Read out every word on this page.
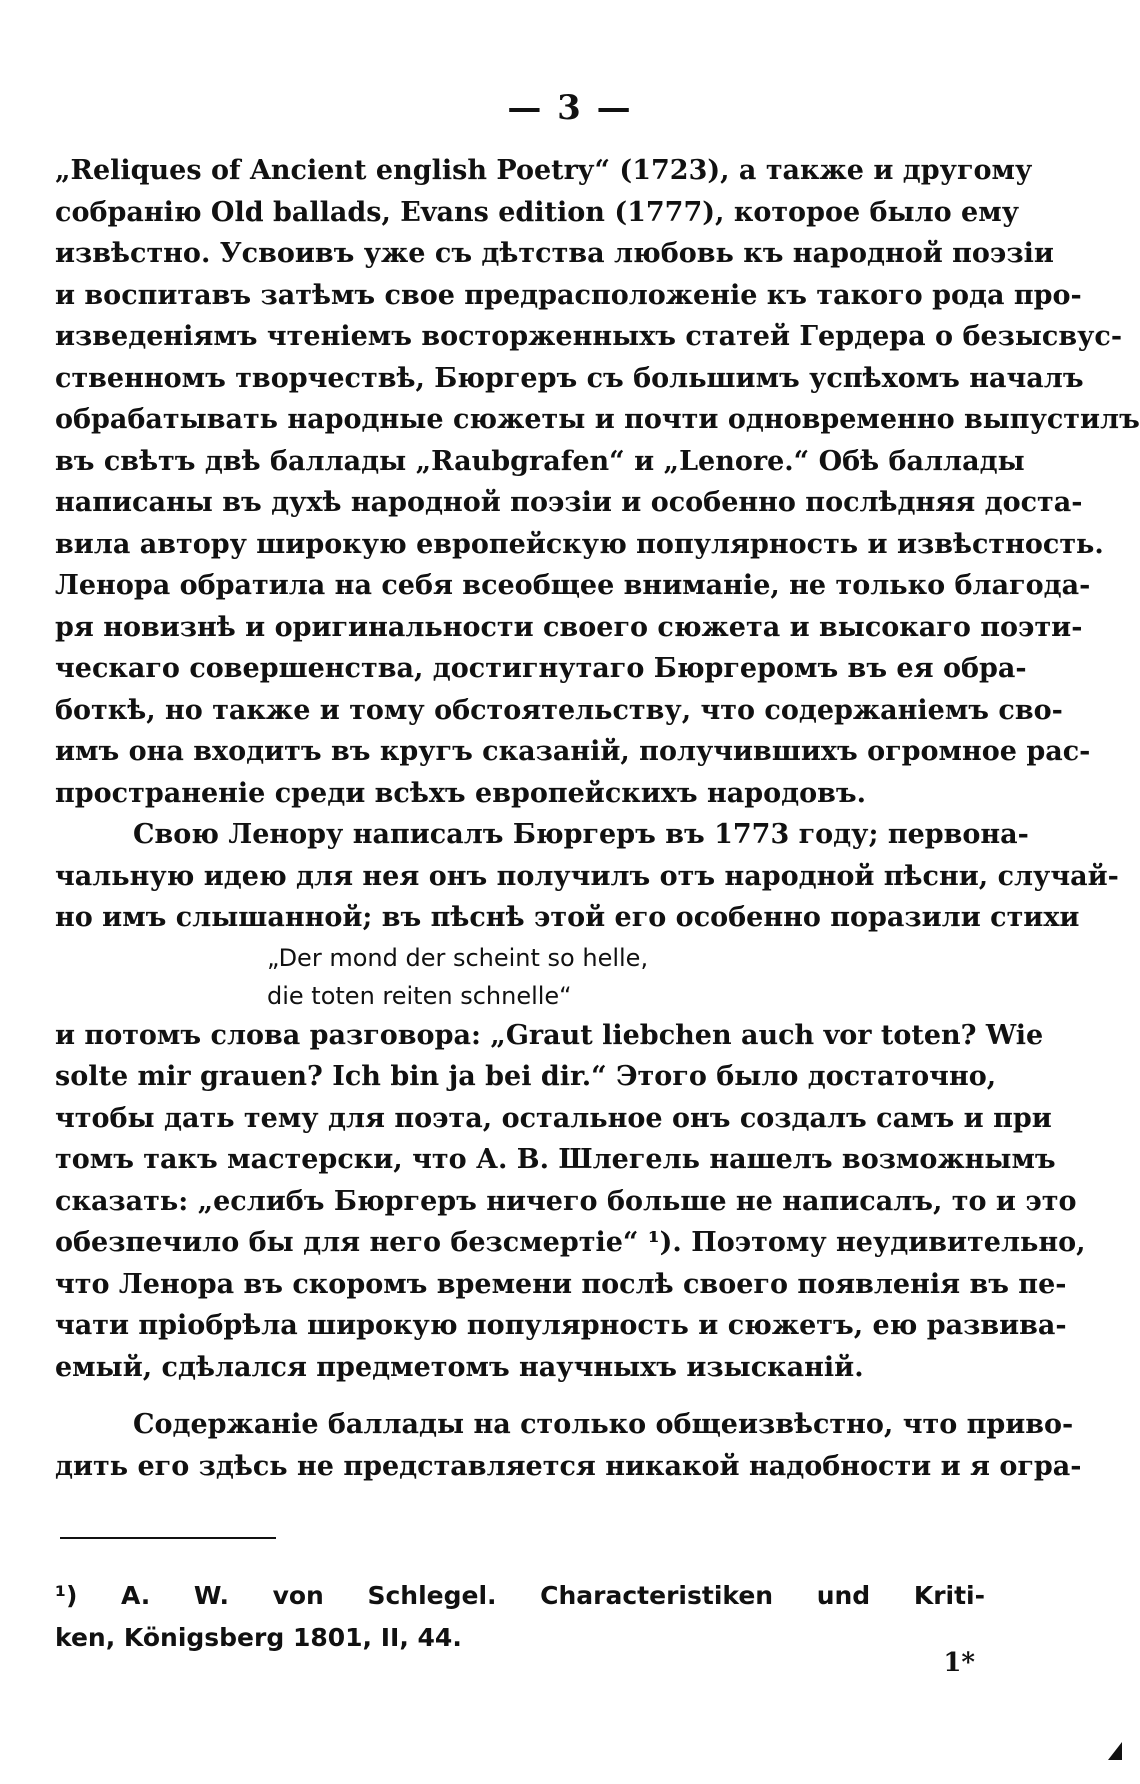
— 3 —
„Reliques of Ancient english Poetry“ (1723), а также и другому
собранію Old ballads, Evans edition (1777), которое было ему
извѣстно. Усвоивъ уже съ дѣтства любовь къ народной поэзіи
и воспитавъ затѣмъ свое предрасположеніе къ такого рода про-
изведеніямъ чтеніемъ восторженныхъ статей Гердера о безысвус-
ственномъ творчествѣ, Бюргеръ съ большимъ успѣхомъ началъ
обрабатывать народные сюжеты и почти одновременно выпустилъ
въ свѣтъ двѣ баллады „Raubgrafen“ и „Lenore.“ Обѣ баллады
написаны въ духѣ народной поэзіи и особенно послѣдняя доста-
вила автору широкую европейскую популярность и извѣстность.
Ленора обратила на себя всеобщее вниманіе, не только благода-
ря новизнѣ и оригинальности своего сюжета и высокаго поэти-
ческаго совершенства, достигнутаго Бюргеромъ въ ея обра-
боткѣ, но также и тому обстоятельству, что содержаніемъ сво-
имъ она входитъ въ кругъ сказаній, получившихъ огромное рас-
пространеніе среди всѣхъ европейскихъ народовъ.
Свою Ленору написалъ Бюргеръ въ 1773 году; первона-
чальную идею для нея онъ получилъ отъ народной пѣсни, случай-
но имъ слышанной; въ пѣснѣ этой его особенно поразили стихи
„Der mond der scheint so helle,
die toten reiten schnelle“
и потомъ слова разговора: „Graut liebchen auch vor toten? Wie
solte mir grauen? Ich bin ja bei dir.“ Этого было достаточно,
чтобы дать тему для поэта, остальное онъ создалъ самъ и при
томъ такъ мастерски, что А. В. Шлегель нашелъ возможнымъ
сказать: „еслибъ Бюргеръ ничего больше не написалъ, то и это
обезпечило бы для него безсмертіе“ ¹). Поэтому неудивительно,
что Ленора въ скоромъ времени послѣ своего появленія въ пе-
чати пріобрѣла широкую популярность и сюжетъ, ею развива-
емый, сдѣлался предметомъ научныхъ изысканій.
Содержаніе баллады на столько общеизвѣстно, что приво-
дить его здѣсь не представляется никакой надобности и я огра-
¹) A. W. von Schlegel. Characteristiken und Kriti-
ken, Königsberg 1801, II, 44.
1*
